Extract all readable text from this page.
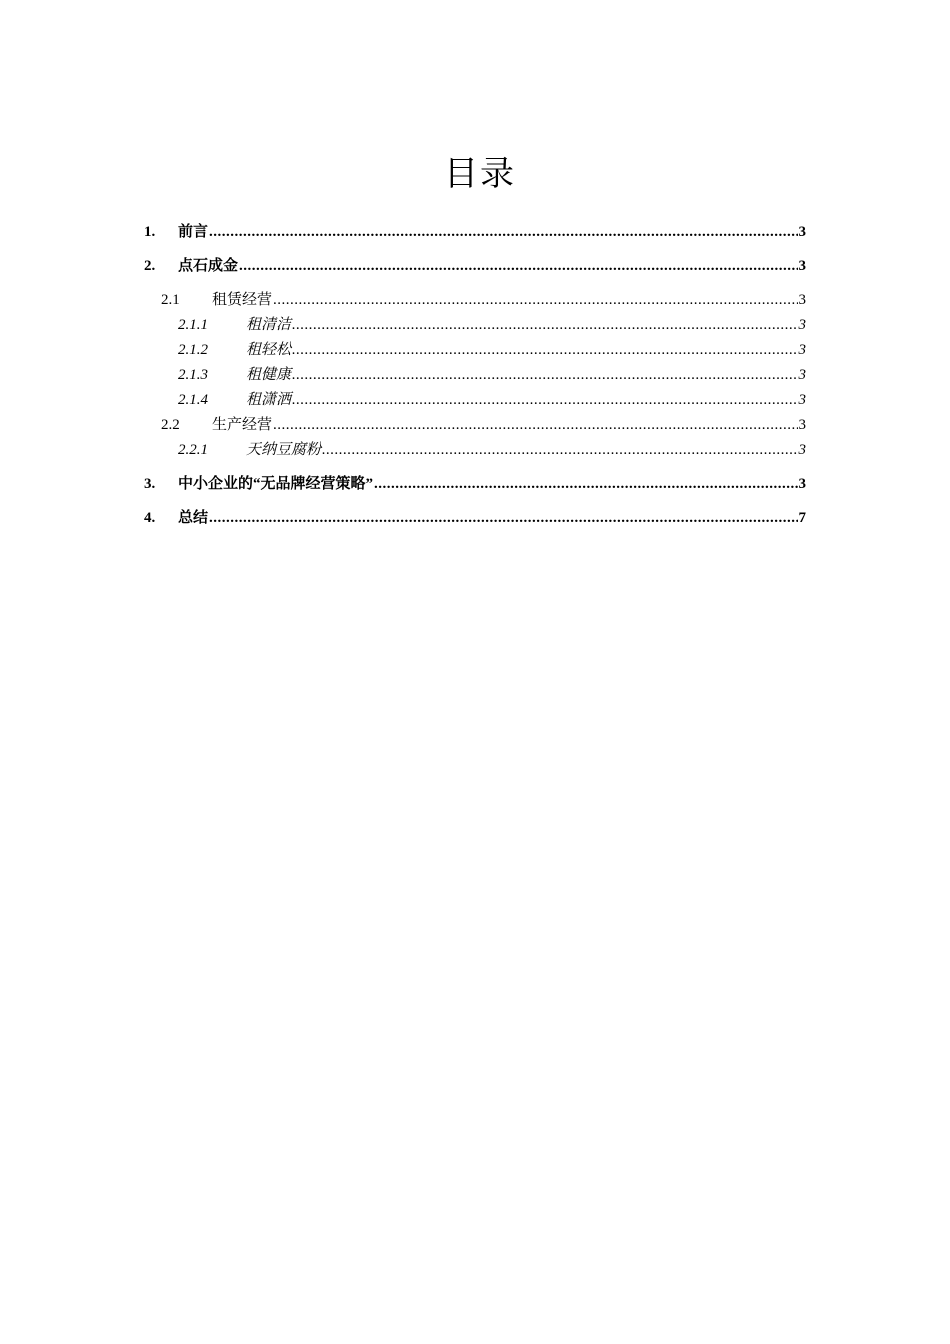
目录
1.	前言 .....	3
2.	点石成金 .....	3
2.1	租赁经营 .....	3
2.1.1	租清洁 .....	3
2.1.2	租轻松 .....	3
2.1.3	租健康 .....	3
2.1.4	租潇洒 .....	3
2.2	生产经营 .....	3
2.2.1	天纳豆腐粉 .....	3
3.	中小企业的“无品牌经营策略” .....	3
4.	总结 .....	7
